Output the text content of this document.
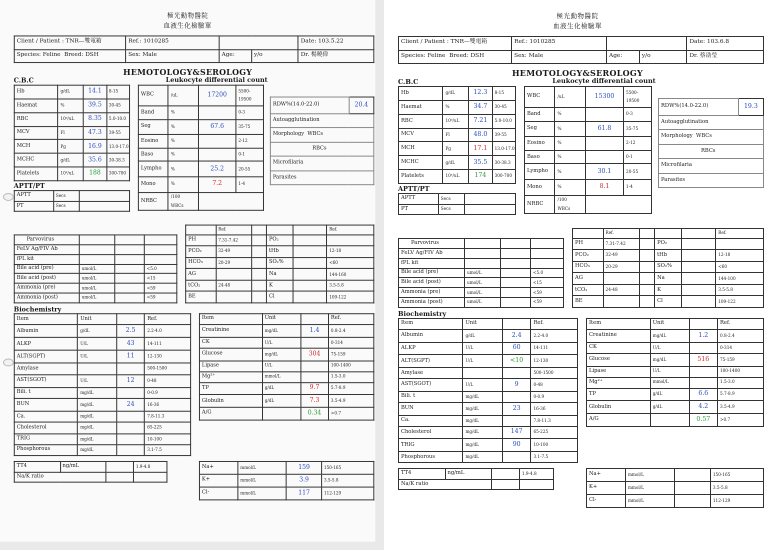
極光動物醫院
血液生化檢驗單
Client / Patient : TNR—雙電箱	Ref.: 1010285			Date: 103.5.22
Species: Feline Breed: DSH	Sex: Male	Age:	y/o	Dr. 楊曉偉
HEMOTOLOGY&SEROLOGY
C.B.C	Leukocyte differential count
Hb	g/dL	14.1	8-15
Haemat	%	39.5	30-45
RBC	10⁶/uL	8.35	5.0-10.0
MCV	Fl	47.3	39-55
MCH	Pg	16.9	13.0-17.0
MCHC	g/dL	35.6	30-38.3
Platelets	10³/uL	188	300-700
WBC	/uL	17200	5500-

19500
Band	%		0-3
Seg	%	67.6	35-75
Eosino	%		2-12
Baso	%		0-1
Lympho	%	25.2	20-55
Mono	%	7.2	1-4
NRBC	/100

WBCs		
RDW%(14.0-22.0)	20.4
Autoagglutination
Morphology WBCs
RBCs
Microfilaria
Parasites
APTT/PT
APTT	Secs	
PT	Secs	
Parvovirus			
FeLV Ag/FIV Ab			
fPL kit			
Bile acid (pre)	umol/L		<5.0
Bile acid (post)	umol/L		<15
Ammonia (pre)	umol/L		<59
Ammonia (post)	umol/L		<59
	Ref.				Ref.
PH	7.31-7.42		PO₂		
PCO₂	32-49		tHb		12-18
HCO₃	20-29		SO₂%		<60
AG			Na		144-160
tCO₂	24-48		K		3.5-5.8
BE			Cl		109-122
Biochemistry
Item	Unit		Ref.
Albumin	g/dL	2.5	2.2-4.0
ALKP	U/L	43	14-111
ALT(SGPT)	U/L	11	12-130
Amylase			500-1500
AST(SGOT)	U/L	12	0-48
Bili. t	mg/dL		0-0.9
BUN	mg/dL	24	16-36
Ca.	mg/dL		7.8-11.3
Cholesterol	mg/dL		65-225
TRIG	mg/dL		10-100
Phosphorous	mg/dL		3.1-7.5
Item	Unit		Ref.
Creatinine	mg/dL	1.4	0.8-2.4
CK	U/L		0-314
Glucose	mg/dL	304	75-159
Lipase	U/L		100-1400
Mg²⁺	mmol/L		1.5-3.0
TP	g/dL	9.7	5.7-8.9
Globulin	g/dL	7.3	3.5-4.9
A/G		0.34	>0.7
TT4	ng/mL		1.9-4.8
Na/K ratio			
Na+	mmol/L	159	150-165
K+	mmol/L	3.9	3.5-5.8
Cl-	mmol/L	117	112-129
極光動物醫院
血液生化檢驗單
Client / Patient : TNR—雙電箱	Ref.: 1010285			Date: 103.6.8
Species: Feline Breed: DSH	Sex: Male	Age:	y/o	Dr. 蔡劭瑩
HEMOTOLOGY&SEROLOGY
C.B.C	Leukocyte differential count
Hb	g/dL	12.3	8-15
Haemat	%	34.7	30-45
RBC	10⁶/uL	7.21	5.0-10.0
MCV	Fl	48.0	39-55
MCH	Pg	17.1	13.0-17.0
MCHC	g/dL	35.5	30-38.3
Platelets	10³/uL	174	300-700
WBC	/uL	15300	5500-

19500
Band	%		0-3
Seg	%	61.8	35-75
Eosino	%		2-12
Baso	%		0-1
Lympho	%	30.1	20-55
Mono	%	8.1	1-4
NRBC	/100

WBCs		
RDW%(14.0-22.0)	19.3
Autoagglutination
Morphology WBCs
RBCs
Microfilaria
Parasites
APTT/PT
APTT	Secs	
PT	Secs	
Parvovirus			
FeLV Ag/FIV Ab			
fPL kit			
Bile acid (pre)	umol/L		<5.0
Bile acid (post)	umol/L		<15
Ammonia (pre)	umol/L		<59
Ammonia (post)	umol/L		<59
	Ref.				Ref.
PH	7.31-7.42		PO₂		
PCO₂	32-49		tHb		12-18
HCO₃	20-29		SO₂%		<60
AG			Na		144-100
tCO₂	24-48		K		3.5-5.8
BE			Cl		109-122
Biochemistry
Item	Unit		Ref.
Albumin	g/dL	2.4	2.2-4.0
ALKP	U/L	60	14-111
ALT(SGPT)	U/L	<10	12-130
Amylase			500-1500
AST(SGOT)	U/L	9	0-48
Bili. t	mg/dL		0-0.9
BUN	mg/dL	23	16-36
Ca.	mg/dL		7.8-11.3
Cholesterol	mg/dL	147	65-225
TRIG	mg/dL	90	10-100
Phosphorous	mg/dL		3.1-7.5
Item	Unit		Ref.
Creatinine	mg/dL	1.2	0.8-2.4
CK	U/L		0-314
Glucose	mg/dL	516	75-159
Lipase	U/L		100-1400
Mg²⁺	mmol/L		1.5-3.0
TP	g/dL	6.6	5.7-8.9
Globulin	g/dL	4.2	3.5-4.9
A/G		0.57	>0.7
TT4	ng/mL		1.9-4.8
Na/K ratio			
Na+	mmol/L		150-165
K+	mmol/L		3.5-5.8
Cl-	mmol/L		112-129
